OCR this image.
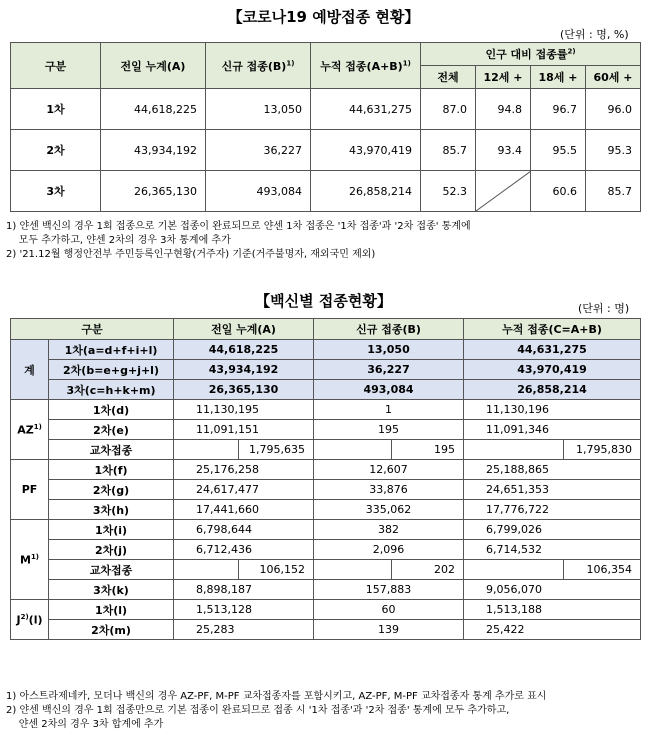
【코로나19 예방접종 현황】
(단위 : 명, %)
구분	전일 누계(A)	신규 접종$(B)^{1)}$	누적 접종$(A+B)^{1)}$	인구 대비 접종률$^{2)}$
				전체	12세 +	18세 +	60세 +
1차	44,618,225	13,050	44,631,275	87.0	94.8	96.7	96.0
2차	43,934,192	36,227	43,970,419	85.7	93.4	95.5	95.3
3차	26,365,130	493,084	26,858,214	52.3		60.6	85.7
1) 얀센 백신의 경우 1회 접종으로 기본 접종이 완료되므로 얀센 1차 접종은 '1차 접종'과 '2차 접종' 통계에
모두 추가하고, 얀센 2차의 경우 3차 통계에 추가
2) '21.12월 행정안전부 주민등록인구현황(거주자) 기준(거주불명자, 재외국민 제외)
【백신별 접종현황】	(단위 : 명)
구분		전일 누계(A)		신규 접종(B)		누적 접종(C=A+B)	
계	1차(a=d+f+i+l)	44,618,225		13,050		44,631,275	
	2차(b=e+g+j+l)	43,934,192		36,227		43,970,419	
	3차(c=h+k+m)	26,365,130		493,084		26,858,214	
AZ$^{1)}$	1차(d)	11,130,195		1		11,130,196	
	2차(e)	11,091,151		195		11,091,346	
	교차접종		1,795,635		195		1,795,830
PF	1차(f)	25,176,258		12,607		25,188,865	
	2차(g)	24,617,477		33,876		24,651,353	
	3차(h)	17,441,660		335,062		17,776,722	
$M^{1)}$	1차(i)	6,798,644		382		6,799,026	
	2차(j)	6,712,436		2,096		6,714,532	
	교차접종		106,152		202		106,354
	3차(k)	8,898,187		157,883		9,056,070	
$J^{2)}(l)$	1차(l)	1,513,128		60		1,513,188	
	2차(m)	25,283		139		25,422	
1) 아스트라제네카, 모더나 백신의 경우 AZ-PF, M-PF 교차접종자를 포함시키고, AZ-PF, M-PF 교차접종자 통계 추가로 표시
2) 얀센 백신의 경우 1회 접종만으로 기본 접종이 완료되므로 접종 시 '1차 접종'과 '2차 접종' 통계에 모두 추가하고,
얀센 2차의 경우 3차 합계에 추가
